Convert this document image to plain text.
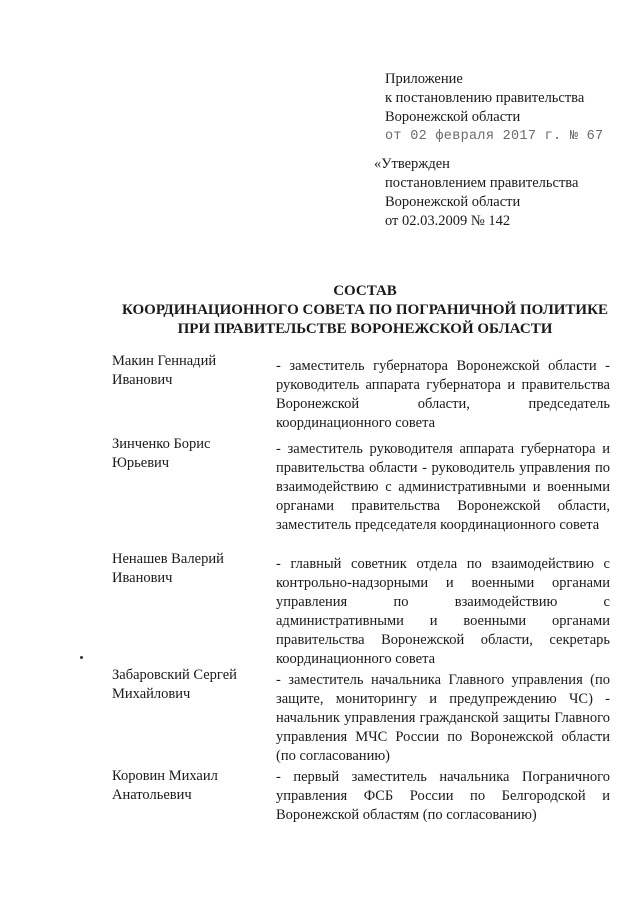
Приложение
к постановлению правительства
Воронежской области
от 02 февраля 2017 г. № 67
«Утвержден
постановлением правительства
Воронежской области
от 02.03.2009 № 142
СОСТАВ
КООРДИНАЦИОННОГО СОВЕТА ПО ПОГРАНИЧНОЙ ПОЛИТИКЕ
ПРИ ПРАВИТЕЛЬСТВЕ ВОРОНЕЖСКОЙ ОБЛАСТИ
Макин Геннадий
Иванович
- заместитель губернатора Воронежской области - руководитель аппарата губернатора и правительства Воронежской области, председатель координационного совета
Зинченко Борис
Юрьевич
- заместитель руководителя аппарата губернатора и правительства области - руководитель управления по взаимодействию с административными и военными органами правительства Воронежской области, заместитель председателя координационного совета
Ненашев Валерий
Иванович
- главный советник отдела по взаимодействию с контрольно-надзорными и военными органами управления по взаимодействию с административными и военными органами правительства Воронежской области, секретарь координационного совета
Забаровский Сергей
Михайлович
- заместитель начальника Главного управления (по защите, мониторингу и предупреждению ЧС) - начальник управления гражданской защиты Главного управления МЧС России по Воронежской области (по согласованию)
Коровин Михаил
Анатольевич
- первый заместитель начальника Пограничного управления ФСБ России по Белгородской и Воронежской областям (по согласованию)
